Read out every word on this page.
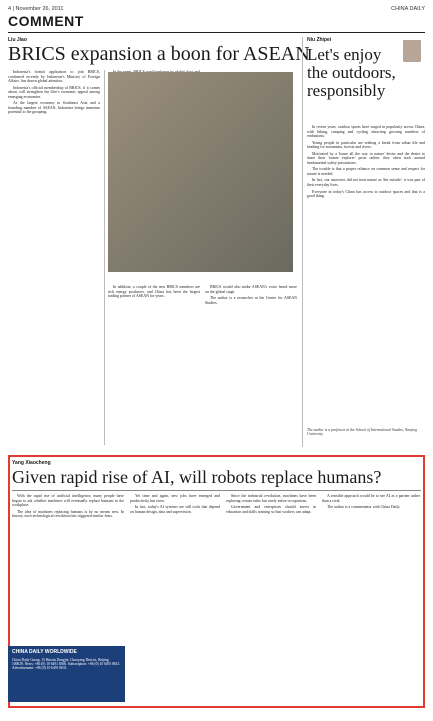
4 | November 26, 2011	CHINA DAILY
COMMENT
Liu Jiao
BRICS expansion a boon for ASEAN

Indonesia's formal application to join BRICS, confirmed recently by Indonesia's Ministry of Foreign Affairs, has drawn global attention.

Indonesia's official membership of BRICS, if it comes about, will strengthen the bloc's economic appeal among emerging economies.

As the largest economy in Southeast Asia and a founding member of ASEAN, Indonesia brings immense potential to the grouping.

In addition, a couple of the new BRICS members are rich energy producers, and China has been the largest trading partner of ASEAN for years.

BRICS would also make ASEAN's voice heard more on the global stage.

The author is a researcher at the Centre for ASEAN Studies.

Niu Zhipei
Let's enjoy the outdoors, responsibly

In recent years, outdoor sports have surged in popularity across China, with hiking, camping and cycling attracting growing numbers of enthusiasts.

Young people in particular are seeking a break from urban life and heading for mountains, forests and rivers.

Motivated by a 'home all the way to nature' desire and the desire to share their 'nature explorer' posts online, they often stick around fundamental safety precautions.

The trouble is that a proper reliance on common sense and respect for nature is needed.

In fact, our ancestors did not treat nature as 'the outside'; it was part of their everyday lives.

Everyone in today's China has access to outdoor spaces and that is a good thing.

The author is a professor at the School of International Studies, Nanjing University.
Yang Xiaocheng
Given rapid rise of AI, will robots replace humans?

With the rapid rise of artificial intelligence, many people have begun to ask whether machines will eventually replace humans in the workplace.

The idea of machines replacing humans is by no means new. In history, each technological revolution has triggered similar fears.

Yet time and again, new jobs have emerged and productivity has risen.

In fact, today's AI systems are still tools that depend on human design, data and supervision.

Since the industrial revolution, machines have been replacing certain tasks but rarely entire occupations.

Government and enterprises should invest in education and skills training so that workers can adapt.

A sensible approach would be to see AI as a partner rather than a rival.

The author is a commentator with China Daily.

CHINA DAILY WORLDWIDE
China Daily Group, 15 Huixin Dongjie, Chaoyang District, Beijing 100029. News: +86 (0) 10 6491 8366. Subscription: +86 (0) 10 6491 8631. Advertisement: +86 (0) 10 6491 8631.
